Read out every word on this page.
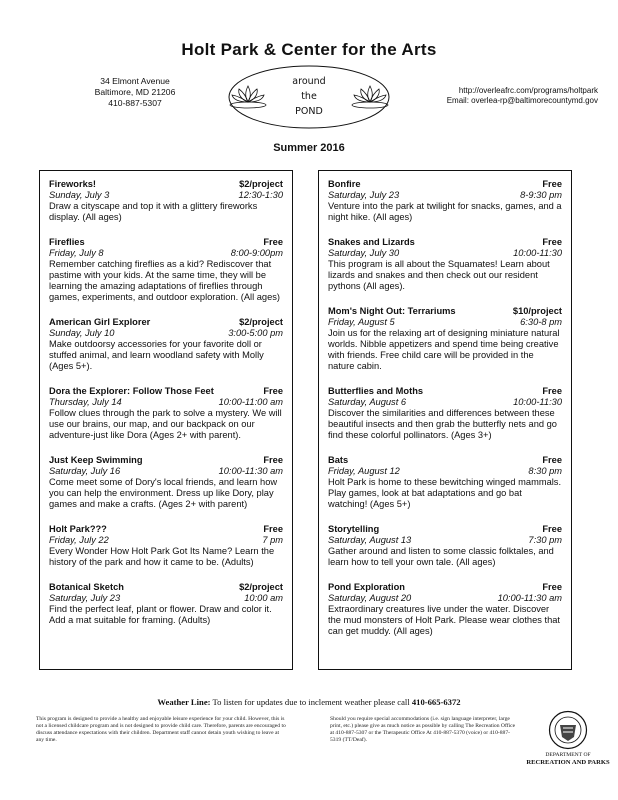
Holt Park & Center for the Arts
34 Elmont Avenue
Baltimore, MD 21206
410-887-5307
around
the
POND
http://overleafrc.com/programs/holtpark
Email: overlea-rp@baltimorecountymd.gov
Summer 2016
Fireworks!	$2/project
Sunday, July 3	12:30-1:30
Draw a cityscape and top it with a glittery fireworks display. (All ages)
Fireflies	Free
Friday, July 8	8:00-9:00pm
Remember catching fireflies as a kid? Rediscover that pastime with your kids. At the same time, they will be learning the amazing adaptations of fireflies through games, experiments, and outdoor exploration. (All ages)
American Girl Explorer	$2/project
Sunday, July 10	3:00-5:00 pm
Make outdoorsy accessories for your favorite doll or stuffed animal, and learn woodland safety with Molly (Ages 5+).
Dora the Explorer: Follow Those Feet	Free
Thursday, July 14	10:00-11:00 am
Follow clues through the park to solve a mystery. We will use our brains, our map, and our backpack on our adventure-just like Dora (Ages 2+ with parent).
Just Keep Swimming	Free
Saturday, July 16	10:00-11:30 am
Come meet some of Dory's local friends, and learn how you can help the environment. Dress up like Dory, play games and make a crafts. (Ages 2+ with parent)
Holt Park???	Free
Friday, July 22	7 pm
Every Wonder How Holt Park Got Its Name? Learn the history of the park and how it came to be. (Adults)
Botanical Sketch	$2/project
Saturday, July 23	10:00 am
Find the perfect leaf, plant or flower. Draw and color it. Add a mat suitable for framing. (Adults)
Bonfire	Free
Saturday, July 23	8-9:30 pm
Venture into the park at twilight for snacks, games, and a night hike. (All ages)
Snakes and Lizards	Free
Saturday, July 30	10:00-11:30
This program is all about the Squamates! Learn about lizards and snakes and then check out our resident pythons (All ages).
Mom's Night Out: Terrariums	$10/project
Friday, August 5	6:30-8 pm
Join us for the relaxing art of designing miniature natural worlds. Nibble appetizers and spend time being creative with friends. Free child care will be provided in the nature cabin.
Butterflies and Moths	Free
Saturday, August 6	10:00-11:30
Discover the similarities and differences between these beautiful insects and then grab the butterfly nets and go find these colorful pollinators. (Ages 3+)
Bats	Free
Friday, August 12	8:30 pm
Holt Park is home to these bewitching winged mammals. Play games, look at bat adaptations and go bat watching! (Ages 5+)
Storytelling	Free
Saturday, August 13	7:30 pm
Gather around and listen to some classic folktales, and learn how to tell your own tale. (All ages)
Pond Exploration	Free
Saturday, August 20	10:00-11:30 am
Extraordinary creatures live under the water. Discover the mud monsters of Holt Park. Please wear clothes that can get muddy. (All ages)
Weather Line: To listen for updates due to inclement weather please call 410-665-6372
This program is designed to provide a healthy and enjoyable leisure experience for your child. However, this is not a licensed childcare program and is not designed to provide child care. Therefore, parents are encouraged to discuss attendance expectations with their children. Department staff cannot detain youth wishing to leave at any time.
Should you require special accommodations (i.e. sign language interpreter, large print, etc.) please give as much notice as possible by calling The Recreation Office at 410-887-5307 or the Therapeutic Office At 410-887-5370 (voice) or 410-887-5319 (TT/Deaf).
DEPARTMENT OF
RECREATION AND PARKS
